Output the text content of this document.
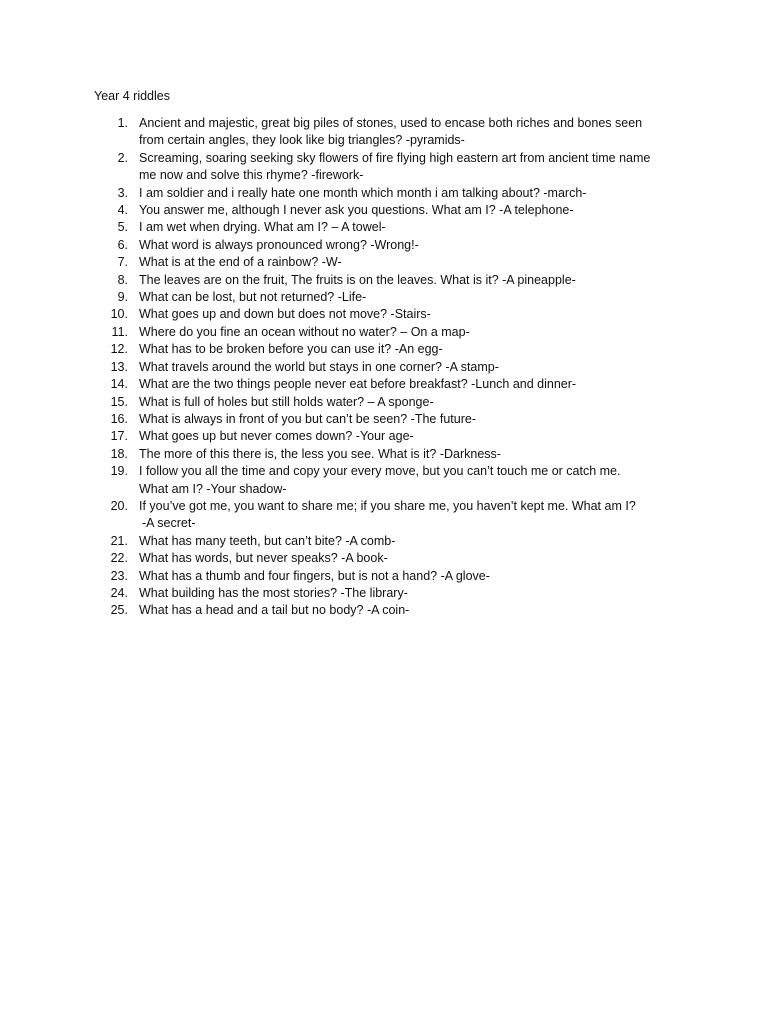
Year 4 riddles
1. Ancient and majestic, great big piles of stones, used to encase both riches and bones seen
from certain angles, they look like big triangles? -pyramids-
2. Screaming, soaring seeking sky flowers of fire flying high eastern art from ancient time name
me now and solve this rhyme? -firework-
3. I am soldier and i really hate one month which month i am talking about? -march-
4. You answer me, although I never ask you questions. What am I? -A telephone-
5. I am wet when drying. What am I? – A towel-
6. What word is always pronounced wrong? -Wrong!-
7. What is at the end of a rainbow? -W-
8. The leaves are on the fruit, The fruits is on the leaves. What is it? -A pineapple-
9. What can be lost, but not returned? -Life-
10. What goes up and down but does not move? -Stairs-
11. Where do you fine an ocean without no water? – On a map-
12. What has to be broken before you can use it? -An egg-
13. What travels around the world but stays in one corner? -A stamp-
14. What are the two things people never eat before breakfast? -Lunch and dinner-
15. What is full of holes but still holds water? – A sponge-
16. What is always in front of you but can’t be seen? -The future-
17. What goes up but never comes down? -Your age-
18. The more of this there is, the less you see. What is it? -Darkness-
19. I follow you all the time and copy your every move, but you can’t touch me or catch me.
What am I? -Your shadow-
20. If you’ve got me, you want to share me; if you share me, you haven’t kept me. What am I?
-A secret-
21. What has many teeth, but can’t bite? -A comb-
22. What has words, but never speaks? -A book-
23. What has a thumb and four fingers, but is not a hand? -A glove-
24. What building has the most stories? -The library-
25. What has a head and a tail but no body? -A coin-
